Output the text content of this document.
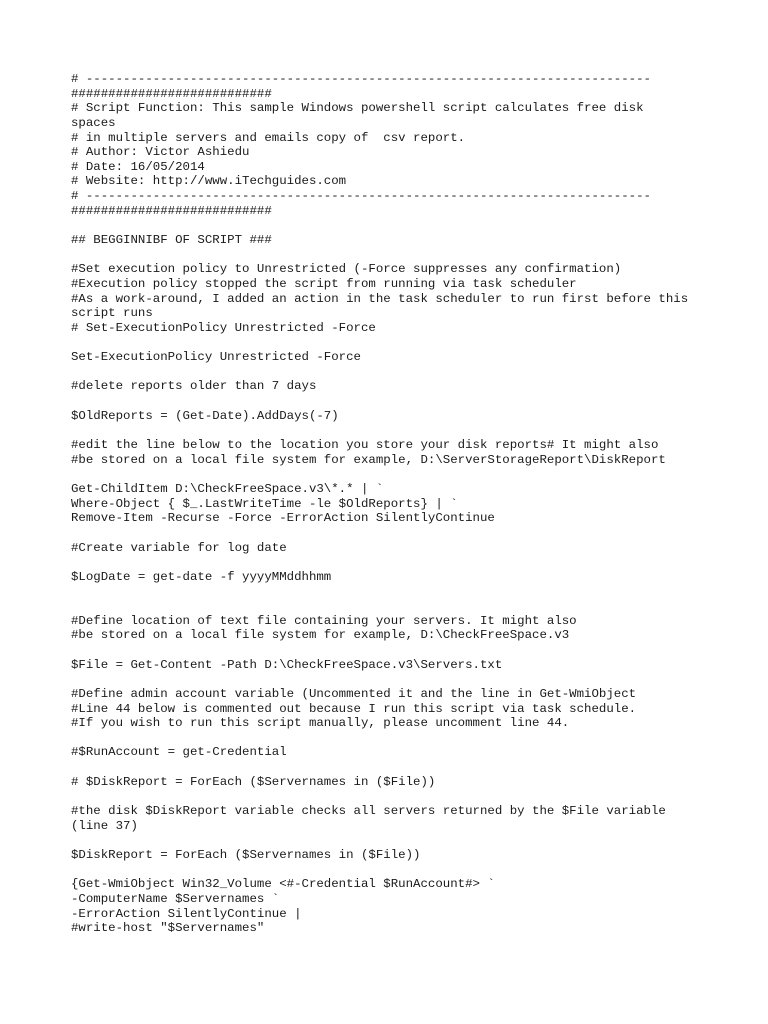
# ----------------------------------------------------------------------------
###########################
# Script Function: This sample Windows powershell script calculates free disk
spaces
# in multiple servers and emails copy of  csv report.
# Author: Victor Ashiedu
# Date: 16/05/2014
# Website: http://www.iTechguides.com
# ----------------------------------------------------------------------------
###########################
## BEGGINNIBF OF SCRIPT ###
#Set execution policy to Unrestricted (-Force suppresses any confirmation)
#Execution policy stopped the script from running via task scheduler
#As a work-around, I added an action in the task scheduler to run first before this
script runs
# Set-ExecutionPolicy Unrestricted -Force
Set-ExecutionPolicy Unrestricted -Force
#delete reports older than 7 days
$OldReports = (Get-Date).AddDays(-7)
#edit the line below to the location you store your disk reports# It might also
#be stored on a local file system for example, D:\ServerStorageReport\DiskReport
Get-ChildItem D:\CheckFreeSpace.v3\*.* | `
Where-Object { $_.LastWriteTime -le $OldReports} | `
Remove-Item -Recurse -Force -ErrorAction SilentlyContinue
#Create variable for log date
$LogDate = get-date -f yyyyMMddhhmm
#Define location of text file containing your servers. It might also
#be stored on a local file system for example, D:\CheckFreeSpace.v3
$File = Get-Content -Path D:\CheckFreeSpace.v3\Servers.txt
#Define admin account variable (Uncommented it and the line in Get-WmiObject
#Line 44 below is commented out because I run this script via task schedule.
#If you wish to run this script manually, please uncomment line 44.
#$RunAccount = get-Credential
# $DiskReport = ForEach ($Servernames in ($File))
#the disk $DiskReport variable checks all servers returned by the $File variable
(line 37)
$DiskReport = ForEach ($Servernames in ($File))
{Get-WmiObject Win32_Volume <#-Credential $RunAccount#> `
-ComputerName $Servernames `
-ErrorAction SilentlyContinue |
#write-host "$Servernames"
